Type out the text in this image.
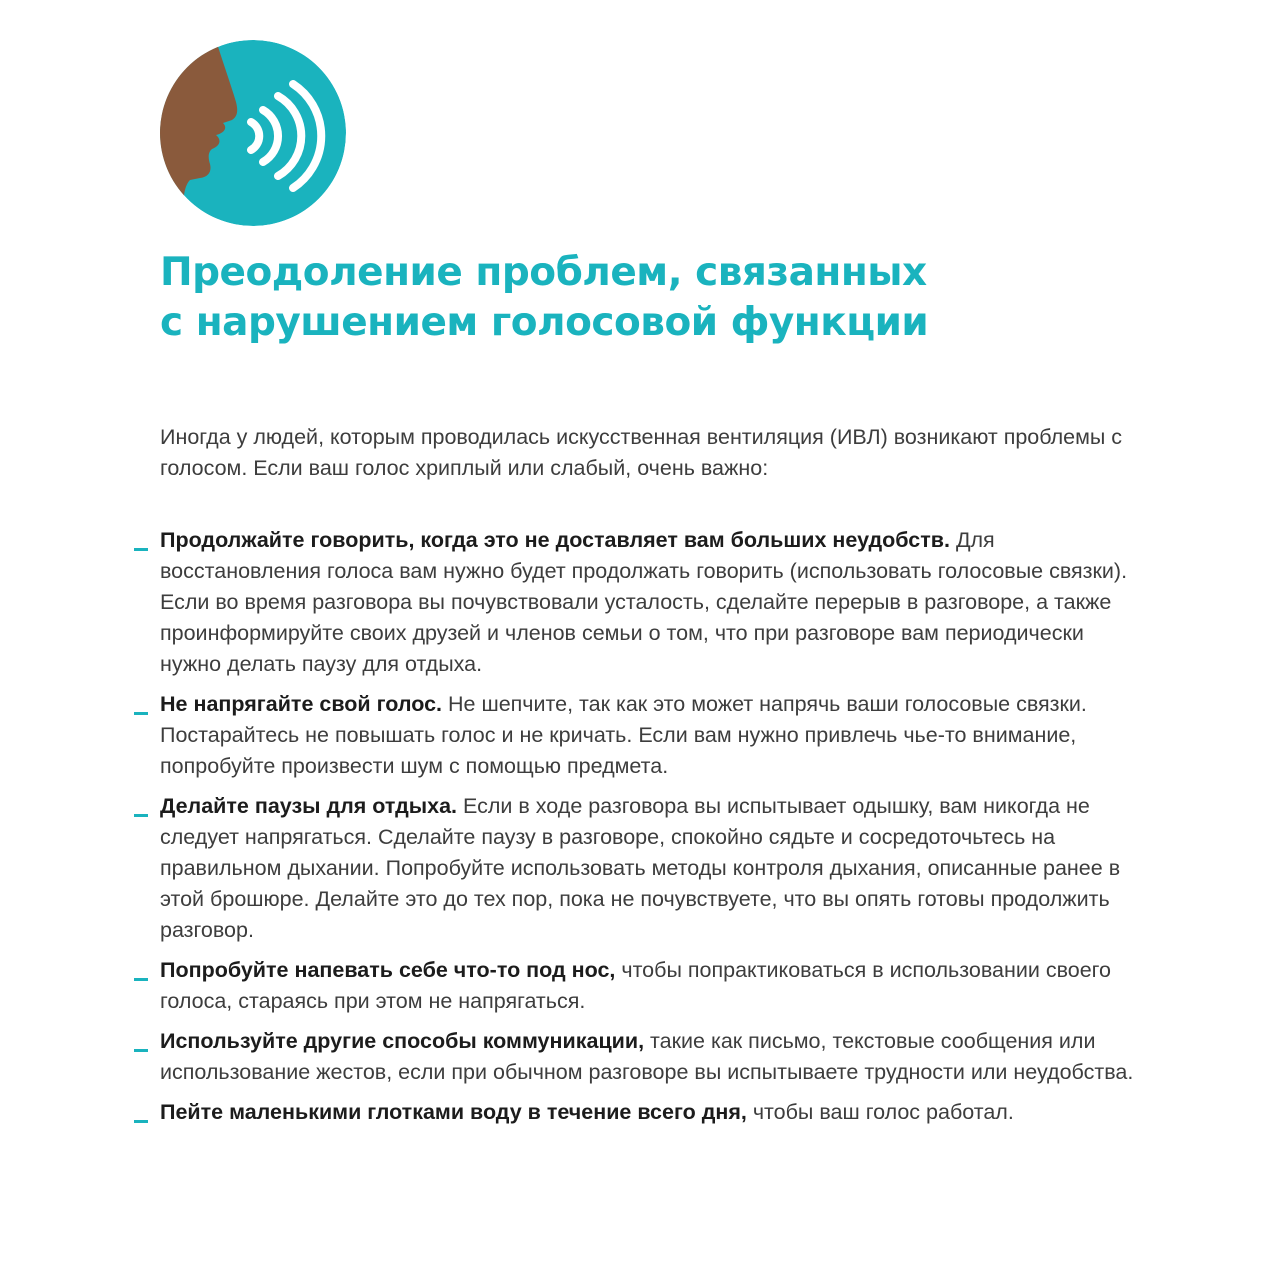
Преодоление проблем, связанных
с нарушением голосовой функции

Иногда у людей, которым проводилась искусственная вентиляция (ИВЛ) возникают проблемы с голосом. Если ваш голос хриплый или слабый, очень важно:

Продолжайте говорить, когда это не доставляет вам больших неудобств. Для восстановления голоса вам нужно будет продолжать говорить (использовать голосовые связки). Если во время разговора вы почувствовали усталость, сделайте перерыв в разговоре, а также проинформируйте своих друзей и членов семьи о том, что при разговоре вам периодически нужно делать паузу для отдыха.
Не напрягайте свой голос. Не шепчите, так как это может напрячь ваши голосовые связки. Постарайтесь не повышать голос и не кричать. Если вам нужно привлечь чье-то внимание, попробуйте произвести шум с помощью предмета.
Делайте паузы для отдыха. Если в ходе разговора вы испытывает одышку, вам никогда не следует напрягаться. Сделайте паузу в разговоре, спокойно сядьте и сосредоточьтесь на правильном дыхании. Попробуйте использовать методы контроля дыхания, описанные ранее в этой брошюре. Делайте это до тех пор, пока не почувствуете, что вы опять готовы продолжить разговор.
Попробуйте напевать себе что-то под нос, чтобы попрактиковаться в использовании своего голоса, стараясь при этом не напрягаться.
Используйте другие способы коммуникации, такие как письмо, текстовые сообщения или использование жестов, если при обычном разговоре вы испытываете трудности или неудобства.
Пейте маленькими глотками воду в течение всего дня, чтобы ваш голос работал.
